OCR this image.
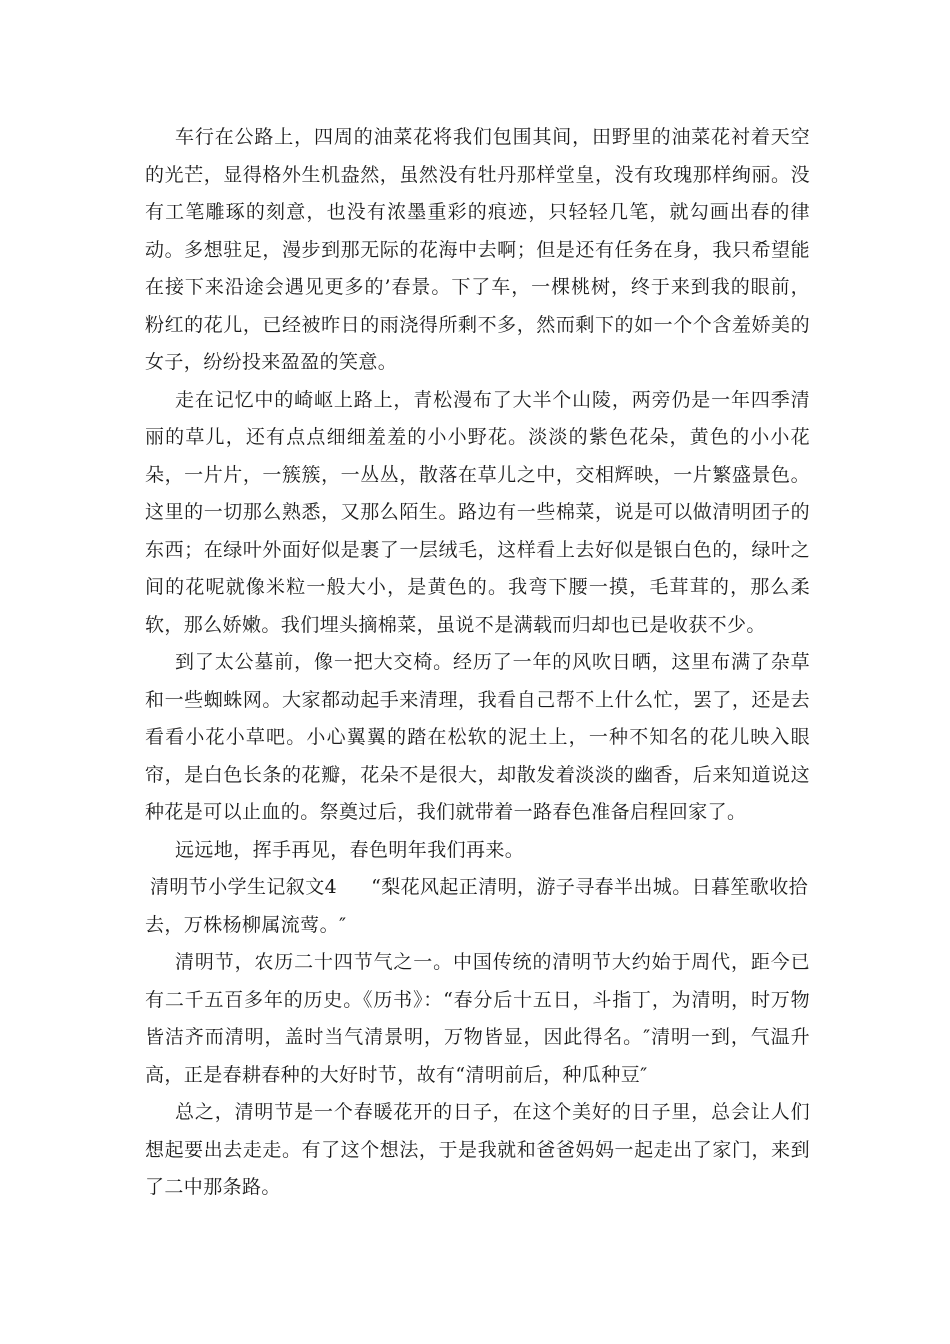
车行在公路上，四周的油菜花将我们包围其间，田野里的油菜花衬着天空的光芒，显得格外生机盎然，虽然没有牡丹那样堂皇，没有玫瑰那样绚丽。没有工笔雕琢的刻意，也没有浓墨重彩的痕迹，只轻轻几笔，就勾画出春的律动。多想驻足，漫步到那无际的花海中去啊；但是还有任务在身，我只希望能在接下来沿途会遇见更多的’春景。下了车，一棵桃树，终于来到我的眼前，粉红的花儿，已经被昨日的雨浇得所剩不多，然而剩下的如一个个含羞娇美的女子，纷纷投来盈盈的笑意。

走在记忆中的崎岖上路上，青松漫布了大半个山陵，两旁仍是一年四季清丽的草儿，还有点点细细羞羞的小小野花。淡淡的紫色花朵，黄色的小小花朵，一片片，一簇簇，一丛丛，散落在草儿之中，交相辉映，一片繁盛景色。这里的一切那么熟悉，又那么陌生。路边有一些棉菜，说是可以做清明团子的东西；在绿叶外面好似是裹了一层绒毛，这样看上去好似是银白色的，绿叶之间的花呢就像米粒一般大小，是黄色的。我弯下腰一摸，毛茸茸的，那么柔软，那么娇嫩。我们埋头摘棉菜，虽说不是满载而归却也已是收获不少。

到了太公墓前，像一把大交椅。经历了一年的风吹日晒，这里布满了杂草和一些蜘蛛网。大家都动起手来清理，我看自己帮不上什么忙，罢了，还是去看看小花小草吧。小心翼翼的踏在松软的泥土上，一种不知名的花儿映入眼帘，是白色长条的花瓣，花朵不是很大，却散发着淡淡的幽香，后来知道说这种花是可以止血的。祭奠过后，我们就带着一路春色准备启程回家了。

远远地，挥手再见，春色明年我们再来。

清明节小学生记叙文4 “梨花风起正清明，游子寻春半出城。日暮笙歌收拾去，万株杨柳属流莺。″

清明节，农历二十四节气之一。中国传统的清明节大约始于周代，距今已有二千五百多年的历史。《历书》：“春分后十五日，斗指丁，为清明，时万物皆洁齐而清明，盖时当气清景明，万物皆显，因此得名。″清明一到，气温升高，正是春耕春种的大好时节，故有“清明前后，种瓜种豆″

总之，清明节是一个春暖花开的日子，在这个美好的日子里，总会让人们想起要出去走走。有了这个想法，于是我就和爸爸妈妈一起走出了家门，来到了二中那条路。
